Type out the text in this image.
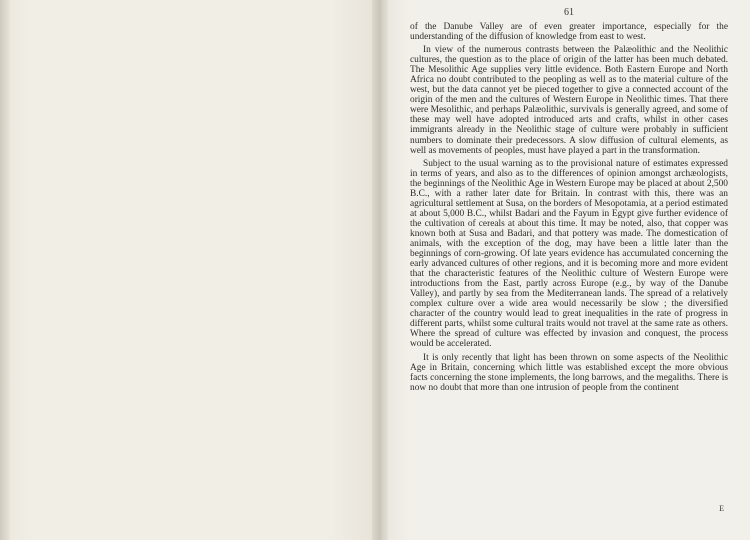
61

of the Danube Valley are of even greater importance, especially for the understanding of the diffusion of knowledge from east to west.

In view of the numerous contrasts between the Palæolithic and the Neolithic cultures, the question as to the place of origin of the latter has been much debated. The Mesolithic Age supplies very little evidence. Both Eastern Europe and North Africa no doubt contributed to the peopling as well as to the material culture of the west, but the data cannot yet be pieced together to give a connected account of the origin of the men and the cultures of Western Europe in Neolithic times. That there were Mesolithic, and perhaps Palæolithic, survivals is generally agreed, and some of these may well have adopted introduced arts and crafts, whilst in other cases immigrants already in the Neolithic stage of culture were probably in sufficient numbers to dominate their predecessors. A slow diffusion of cultural elements, as well as movements of peoples, must have played a part in the transformation.

Subject to the usual warning as to the provisional nature of estimates expressed in terms of years, and also as to the differences of opinion amongst archæologists, the beginnings of the Neolithic Age in Western Europe may be placed at about 2,500 B.C., with a rather later date for Britain. In contrast with this, there was an agricultural settlement at Susa, on the borders of Mesopotamia, at a period estimated at about 5,000 B.C., whilst Badari and the Fayum in Egypt give further evidence of the cultivation of cereals at about this time. It may be noted, also, that copper was known both at Susa and Badari, and that pottery was made. The domestication of animals, with the exception of the dog, may have been a little later than the beginnings of corn-growing. Of late years evidence has accumulated concerning the early advanced cultures of other regions, and it is becoming more and more evident that the characteristic features of the Neolithic culture of Western Europe were introductions from the East, partly across Europe (e.g., by way of the Danube Valley), and partly by sea from the Mediterranean lands. The spread of a relatively complex culture over a wide area would necessarily be slow ; the diversified character of the country would lead to great inequalities in the rate of progress in different parts, whilst some cultural traits would not travel at the same rate as others. Where the spread of culture was effected by invasion and conquest, the process would be accelerated.

It is only recently that light has been thrown on some aspects of the Neolithic Age in Britain, concerning which little was established except the more obvious facts concerning the stone implements, the long barrows, and the megaliths. There is now no doubt that more than one intrusion of people from the continent

E
